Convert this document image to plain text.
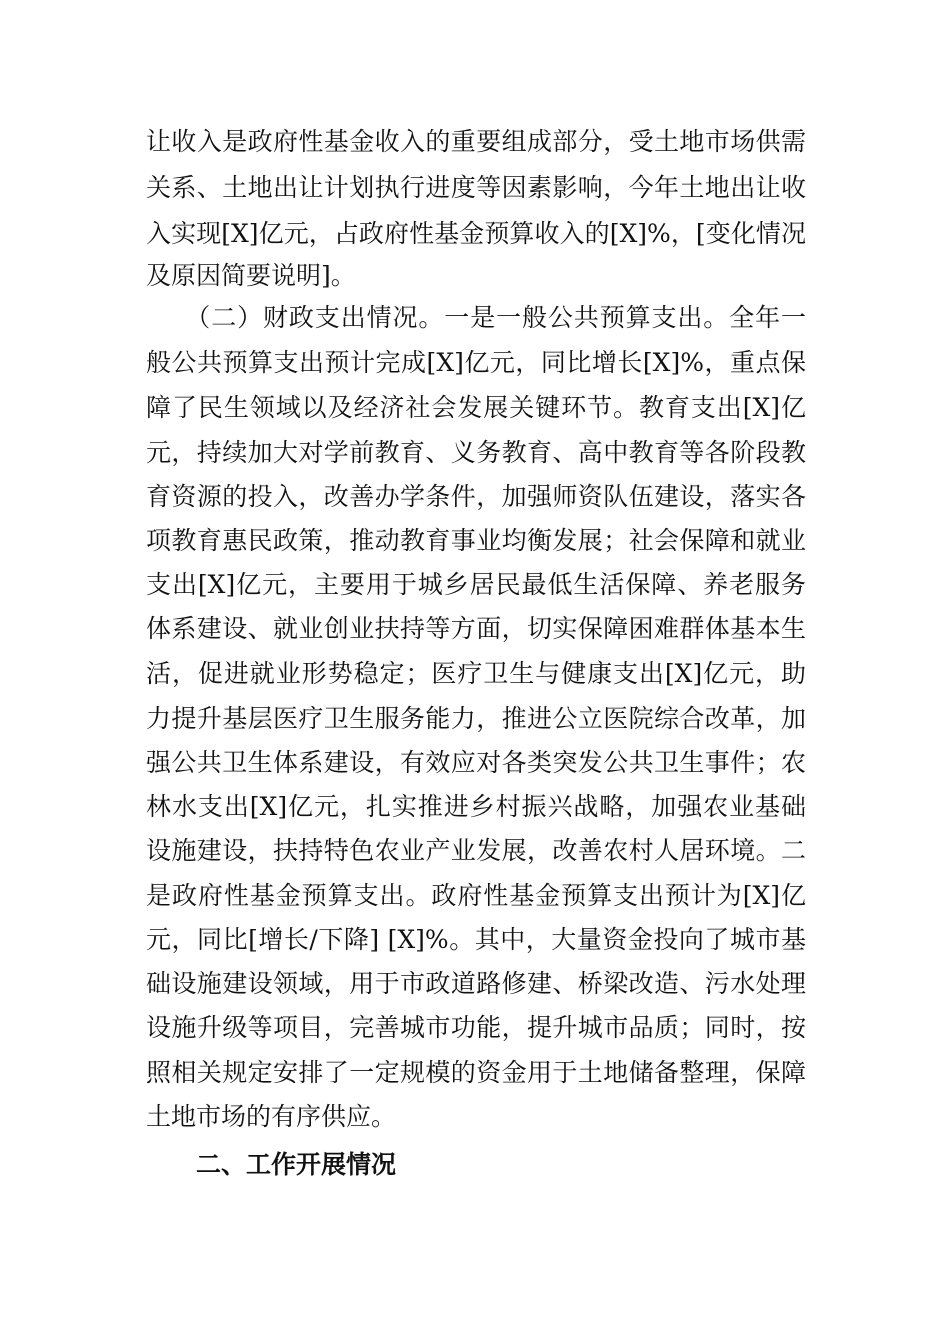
让收入是政府性基金收入的重要组成部分，受土地市场供需
关系、土地出让计划执行进度等因素影响，今年土地出让收
入实现[X]亿元，占政府性基金预算收入的[X]%，[变化情况
及原因简要说明]。
　　（二）财政支出情况。一是一般公共预算支出。全年一
般公共预算支出预计完成[X]亿元，同比增长[X]%，重点保
障了民生领域以及经济社会发展关键环节。教育支出[X]亿
元，持续加大对学前教育、义务教育、高中教育等各阶段教
育资源的投入，改善办学条件，加强师资队伍建设，落实各
项教育惠民政策，推动教育事业均衡发展；社会保障和就业
支出[X]亿元，主要用于城乡居民最低生活保障、养老服务
体系建设、就业创业扶持等方面，切实保障困难群体基本生
活，促进就业形势稳定；医疗卫生与健康支出[X]亿元，助
力提升基层医疗卫生服务能力，推进公立医院综合改革，加
强公共卫生体系建设，有效应对各类突发公共卫生事件；农
林水支出[X]亿元，扎实推进乡村振兴战略，加强农业基础
设施建设，扶持特色农业产业发展，改善农村人居环境。二
是政府性基金预算支出。政府性基金预算支出预计为[X]亿
元，同比[增长/下降] [X]%。其中，大量资金投向了城市基
础设施建设领域，用于市政道路修建、桥梁改造、污水处理
设施升级等项目，完善城市功能，提升城市品质；同时，按
照相关规定安排了一定规模的资金用于土地储备整理，保障
土地市场的有序供应。
二、工作开展情况
